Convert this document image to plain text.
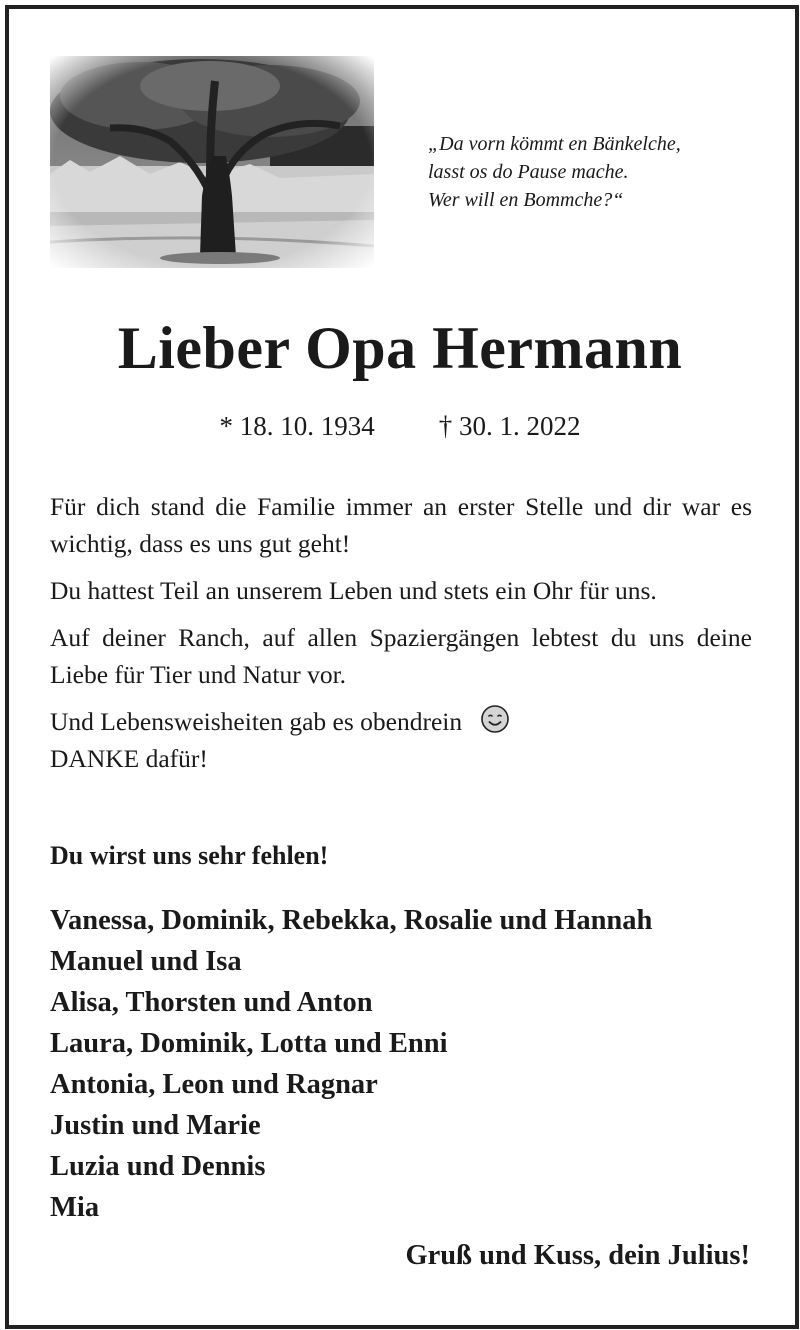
„Da vorn kömmt en Bänkelche,
lasst os do Pause mache.
Wer will en Bommche?“
Lieber Opa Hermann
* 18. 10. 1934 † 30. 1. 2022
Für dich stand die Familie immer an erster Stelle und dir war es wichtig, dass es uns gut geht!
Du hattest Teil an unserem Leben und stets ein Ohr für uns.
Auf deiner Ranch, auf allen Spaziergängen lebtest du uns deine Liebe für Tier und Natur vor.
Und Lebensweisheiten gab es obendrein
DANKE dafür!
Du wirst uns sehr fehlen!
Vanessa, Dominik, Rebekka, Rosalie und Hannah
Manuel und Isa
Alisa, Thorsten und Anton
Laura, Dominik, Lotta und Enni
Antonia, Leon und Ragnar
Justin und Marie
Luzia und Dennis
Mia
Gruß und Kuss, dein Julius!
